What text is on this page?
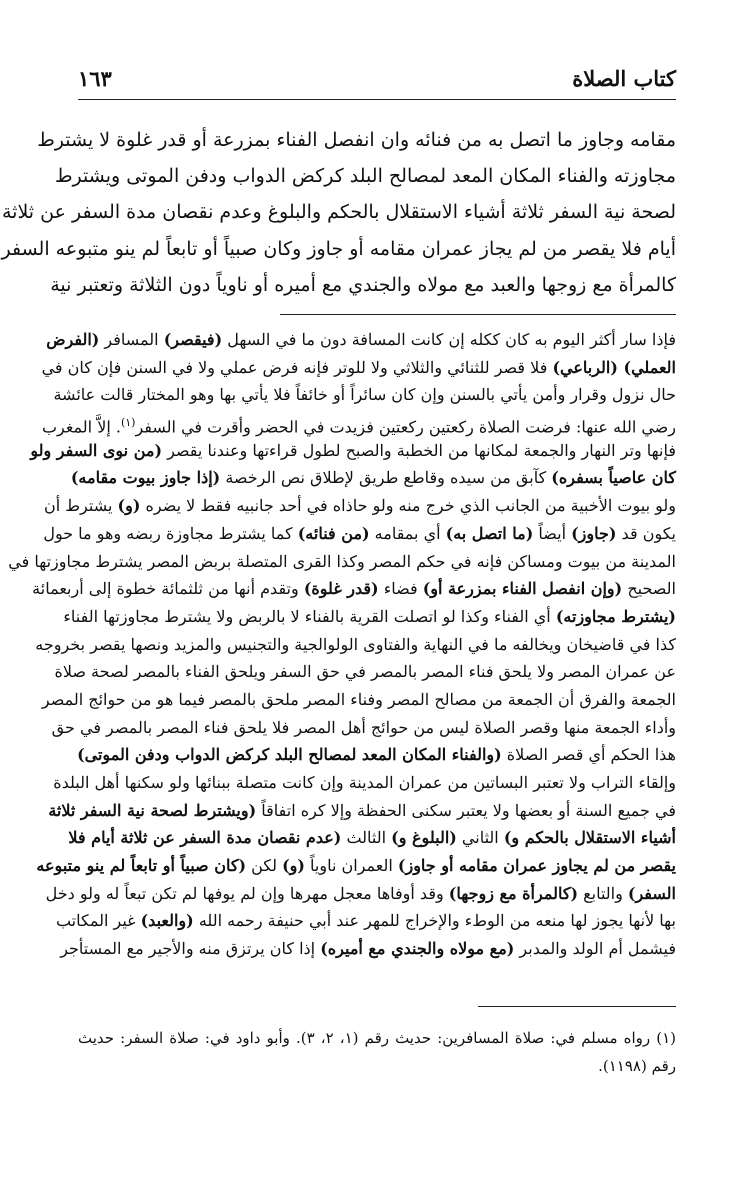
كتاب الصلاة
١٦٣
مقامه وجاوز ما اتصل به من فنائه وان انفصل الفناء بمزرعة أو قدر غلوة لا يشترط
مجاوزته والفناء المكان المعد لمصالح البلد كركض الدواب ودفن الموتى ويشترط
لصحة نية السفر ثلاثة أشياء الاستقلال بالحكم والبلوغ وعدم نقصان مدة السفر عن ثلاثة
أيام فلا يقصر من لم يجاز عمران مقامه أو جاوز وكان صبياً أو تابعاً لم ينو متبوعه السفر
كالمرأة مع زوجها والعبد مع مولاه والجندي مع أميره أو ناوياً دون الثلاثة وتعتبر نية
فإذا سار أكثر اليوم به كان ككله إن كانت المسافة دون ما في السهل (فيقصر) المسافر (الفرض
العملي) (الرباعي) فلا قصر للثنائي والثلاثي ولا للوتر فإنه فرض عملي ولا في السنن فإن كان في
حال نزول وقرار وأمن يأتي بالسنن وإن كان سائراً أو خائفاً فلا يأتي بها وهو المختار قالت عائشة
رضي الله عنها: فرضت الصلاة ركعتين ركعتين فزيدت في الحضر وأقرت في السفر$^{(١)}$. إلاَّ المغرب
فإنها وتر النهار والجمعة لمكانها من الخطبة والصبح لطول قراءتها وعندنا يقصر (من نوى السفر ولو
كان عاصياً بسفره) كآبق من سيده وقاطع طريق لإطلاق نص الرخصة (إذا جاوز بيوت مقامه)
ولو بيوت الأخبية من الجانب الذي خرج منه ولو حاذاه في أحد جانبيه فقط لا يضره (و) يشترط أن
يكون قد (جاوز) أيضاً (ما اتصل به) أي بمقامه (من فنائه) كما يشترط مجاوزة ربضه وهو ما حول
المدينة من بيوت ومساكن فإنه في حكم المصر وكذا القرى المتصلة بربض المصر يشترط مجاوزتها في
الصحيح (وإن انفصل الفناء بمزرعة أو) فضاء (قدر غلوة) وتقدم أنها من ثلثمائة خطوة إلى أربعمائة
(يشترط مجاوزته) أي الفناء وكذا لو اتصلت القرية بالفناء لا بالربض ولا يشترط مجاوزتها الفناء
كذا في قاضيخان ويخالفه ما في النهاية والفتاوى الولوالجية والتجنيس والمزيد ونصها يقصر بخروجه
عن عمران المصر ولا يلحق فناء المصر بالمصر في حق السفر ويلحق الفناء بالمصر لصحة صلاة
الجمعة والفرق أن الجمعة من مصالح المصر وفناء المصر ملحق بالمصر فيما هو من حوائج المصر
وأداء الجمعة منها وقصر الصلاة ليس من حوائج أهل المصر فلا يلحق فناء المصر بالمصر في حق
هذا الحكم أي قصر الصلاة (والفناء المكان المعد لمصالح البلد كركض الدواب ودفن الموتى)
وإلقاء التراب ولا تعتبر البساتين من عمران المدينة وإن كانت متصلة ببنائها ولو سكنها أهل البلدة
في جميع السنة أو بعضها ولا يعتبر سكنى الحفظة وإلا كره اتفاقاً (ويشترط لصحة نية السفر ثلاثة
أشياء الاستقلال بالحكم و) الثاني (البلوغ و) الثالث (عدم نقصان مدة السفر عن ثلاثة أيام فلا
يقصر من لم يجاوز عمران مقامه أو جاوز) العمران ناوياً (و) لكن (كان صبياً أو تابعاً لم ينو متبوعه
السفر) والتابع (كالمرأة مع زوجها) وقد أوفاها معجل مهرها وإن لم يوفها لم تكن تبعاً له ولو دخل
بها لأنها يجوز لها منعه من الوطء والإخراج للمهر عند أبي حنيفة رحمه الله (والعبد) غير المكاتب
فيشمل أم الولد والمدبر (مع مولاه والجندي مع أميره) إذا كان يرتزق منه والأجير مع المستأجر
(١) رواه مسلم في: صلاة المسافرين: حديث رقم (١، ٢، ٣). وأبو داود في: صلاة السفر: حديث
رقم (١١٩٨).
